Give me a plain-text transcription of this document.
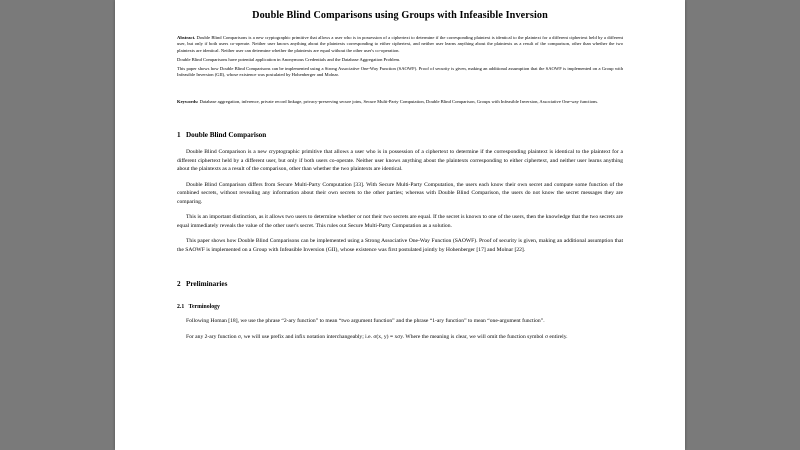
Double Blind Comparisons using Groups with Infeasible Inversion

Abstract. Double Blind Comparisons is a new cryptographic primitive that allows a user who is in possession of a ciphertext to determine if the corresponding plaintext is identical to the plaintext for a different ciphertext held by a different user, but only if both users co-operate. Neither user knows anything about the plaintexts corresponding to either ciphertext, and neither user learns anything about the plaintexts as a result of the comparison, other than whether the two plaintexts are identical. Neither user can determine whether the plaintexts are equal without the other user's co-operation.

Double Blind Comparisons have potential application in Anonymous Credentials and the Database Aggregation Problem.

This paper shows how Double Blind Comparisons can be implemented using a Strong Associative One-Way Function (SAOWF). Proof of security is given, making an additional assumption that the SAOWF is implemented on a Group with Infeasible Inversion (GII), whose existence was postulated by Hohenberger and Molnar.

Keywords: Database aggregation, inference, private record linkage, privacy-preserving secure joins, Secure Multi-Party Computation, Double Blind Comparison, Groups with Infeasible Inversion, Associative One-way functions.
1 Double Blind Comparison

Double Blind Comparison is a new cryptographic primitive that allows a user who is in possession of a ciphertext to determine if the corresponding plaintext is identical to the plaintext for a different ciphertext held by a different user, but only if both users co-operate. Neither user knows anything about the plaintexts corresponding to either ciphertext, and neither user learns anything about the plaintexts as a result of the comparison, other than whether the two plaintexts are identical.

Double Blind Comparison differs from Secure Multi-Party Computation [33]. With Secure Multi-Party Computation, the users each know their own secret and compute some function of the combined secrets, without revealing any information about their own secrets to the other parties; whereas with Double Blind Comparison, the users do not know the secret messages they are comparing.

This is an important distinction, as it allows two users to determine whether or not their two secrets are equal. If the secret is known to one of the users, then the knowledge that the two secrets are equal immediately reveals the value of the other user's secret. This rules out Secure Multi-Party Computation as a solution.

This paper shows how Double Blind Comparisons can be implemented using a Strong Associative One-Way Function (SAOWF). Proof of security is given, making an additional assumption that the SAOWF is implemented on a Group with Infeasible Inversion (GII), whose existence was first postulated jointly by Hohenberger [17] and Molnar [22].

2 Preliminaries
2.1 Terminology

Following Homan [18], we use the phrase “2-ary function” to mean “two argument function” and the phrase “1-ary function” to mean “one-argument function”.

For any 2-ary function σ, we will use prefix and infix notation interchangeably; i.e. σ(x, y) ≡ xσy. Where the meaning is clear, we will omit the function symbol σ entirely.
